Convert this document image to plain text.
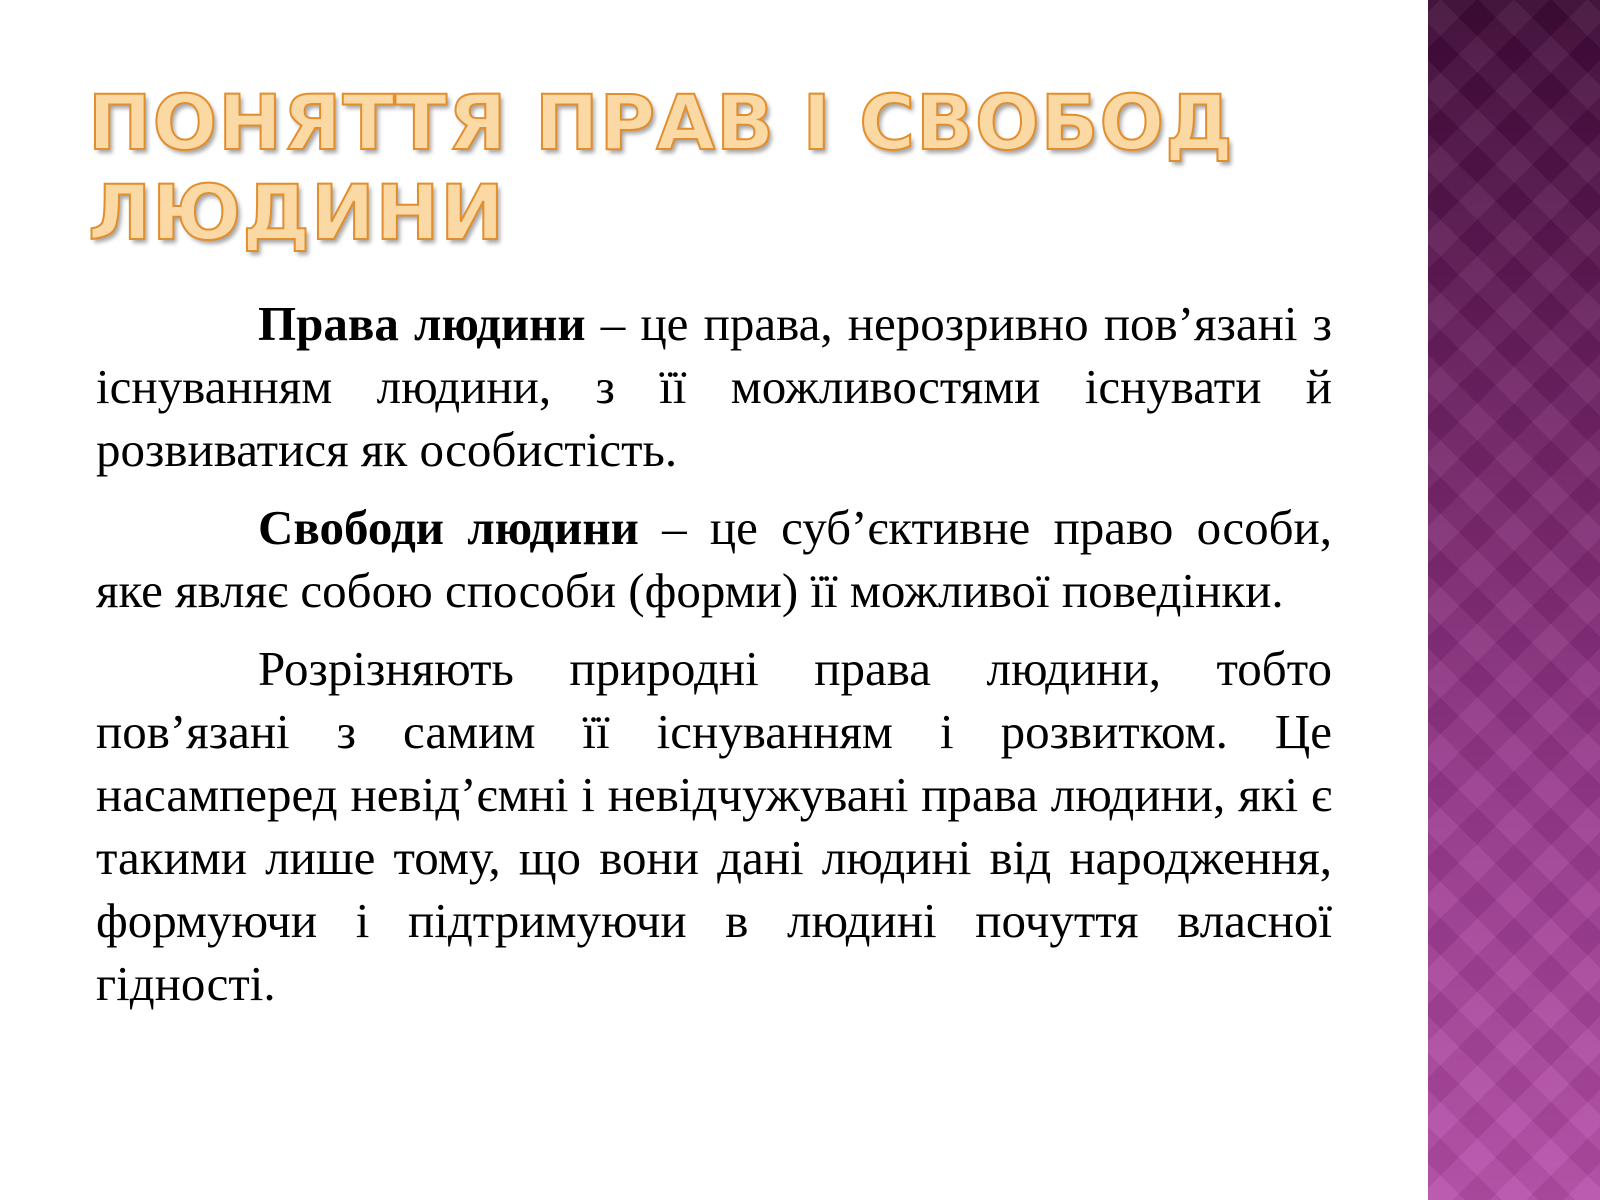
ПОНЯТТЯ ПРАВ І СВОБОД
ЛЮДИНИ

Права людини – це права, нерозривно пов’язані з існуванням людини, з її можливостями існувати й розвиватися як особистість.

Свободи людини – це суб’єктивне право особи, яке являє собою способи (форми) її можливої поведінки.

Розрізняють природні права людини, тобто пов’язані з самим її існуванням і розвитком. Це насамперед невід’ємні і невідчужувані права людини, які є такими лише тому, що вони дані людині від народження, формуючи і підтримуючи в людині почуття власної гідності.
